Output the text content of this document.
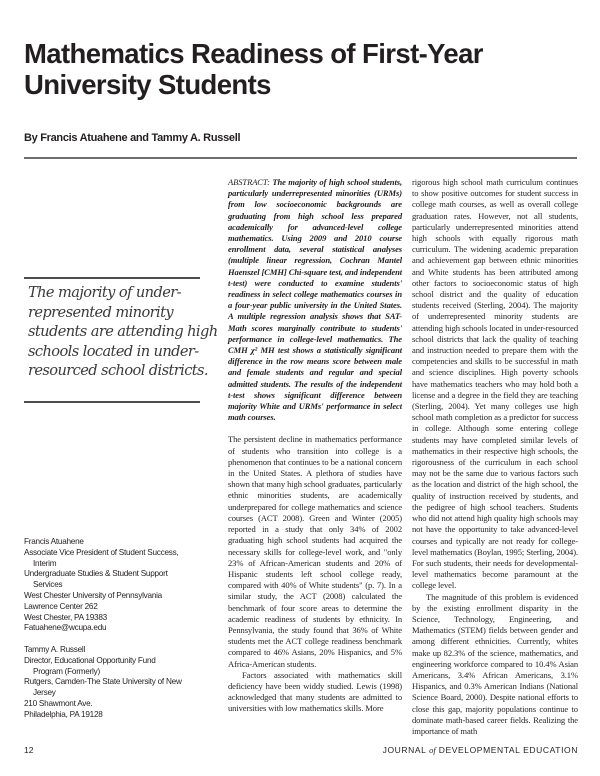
Mathematics Readiness of First-Year University Students
By Francis Atuahene and Tammy A. Russell
The majority of under-represented minority students are attending high schools located in under-resourced school districts.
Francis Atuahene
Associate Vice President of Student Success,
Interim
Undergraduate Studies & Student Support
Services
West Chester University of Pennsylvania
Lawrence Center 262
West Chester, PA 19383
Fatuahene@wcupa.edu
Tammy A. Russell
Director, Educational Opportunity Fund
Program (Formerly)
Rutgers, Camden-The State University of New
Jersey
210 Shawmont Ave.
Philadelphia, PA 19128

ABSTRACT: The majority of high school students, particularly underrepresented minorities (URMs) from low socioeconomic backgrounds are graduating from high school less prepared academically for advanced-level college mathematics. Using 2009 and 2010 course enrollment data, several statistical analyses (multiple linear regression, Cochran Mantel Haenszel [CMH] Chi-square test, and independent t-test) were conducted to examine students' readiness in select college mathematics courses in a four-year public university in the United States. A multiple regression analysis shows that SAT-Math scores marginally contribute to students' performance in college-level mathematics. The CMH χ² MH test shows a statistically significant difference in the row means score between male and female students and regular and special admitted students. The results of the independent t-test shows significant difference between majority White and URMs' performance in select math courses.

The persistent decline in mathematics performance of students who transition into college is a phenomenon that continues to be a national concern in the United States. A plethora of studies have shown that many high school graduates, particularly ethnic minorities students, are academically underprepared for college mathematics and science courses (ACT 2008). Green and Winter (2005) reported in a study that only 34% of 2002 graduating high school students had acquired the necessary skills for college-level work, and "only 23% of African-American students and 20% of Hispanic students left school college ready, compared with 40% of White students" (p. 7). In a similar study, the ACT (2008) calculated the benchmark of four score areas to determine the academic readiness of students by ethnicity. In Pennsylvania, the study found that 36% of White students met the ACT college readiness benchmark compared to 46% Asians, 20% Hispanics, and 5% Africa-American students.

Factors associated with mathematics skill deficiency have been widdy studied. Lewis (1998) acknowledged that many students are admitted to universities with low mathematics skills. More

rigorous high school math curriculum continues to show positive outcomes for student success in college math courses, as well as overall college graduation rates. However, not all students, particularly underrepresented minorities attend high schools with equally rigorous math curriculum. The widening academic preparation and achievement gap between ethnic minorities and White students has been attributed among other factors to socioeconomic status of high school district and the quality of education students received (Sterling, 2004). The majority of underrepresented minority students are attending high schools located in under-resourced school districts that lack the quality of teaching and instruction needed to prepare them with the competencies and skills to be successful in math and science disciplines. High poverty schools have mathematics teachers who may hold both a license and a degree in the field they are teaching (Sterling, 2004). Yet many colleges use high school math completion as a predictor for success in college. Although some entering college students may have completed similar levels of mathematics in their respective high schools, the rigorousness of the curriculum in each school may not be the same due to various factors such as the location and district of the high school, the quality of instruction received by students, and the pedigree of high school teachers. Students who did not attend high quality high schools may not have the opportunity to take advanced-level courses and typically are not ready for college-level mathematics (Boylan, 1995; Sterling, 2004). For such students, their needs for developmental-level mathematics become paramount at the college level.

The magnitude of this problem is evidenced by the existing enrollment disparity in the Science, Technology, Engineering, and Mathematics (STEM) fields between gender and among different ethnicities. Currently, whites make up 82.3% of the science, mathematics, and engineering workforce compared to 10.4% Asian Americans, 3.4% African Americans, 3.1% Hispanics, and 0.3% American Indians (National Science Board, 2000). Despite national efforts to close this gap, majority populations continue to dominate math-based career fields. Realizing the importance of math

12	JOURNAL of DEVELOPMENTAL EDUCATION
